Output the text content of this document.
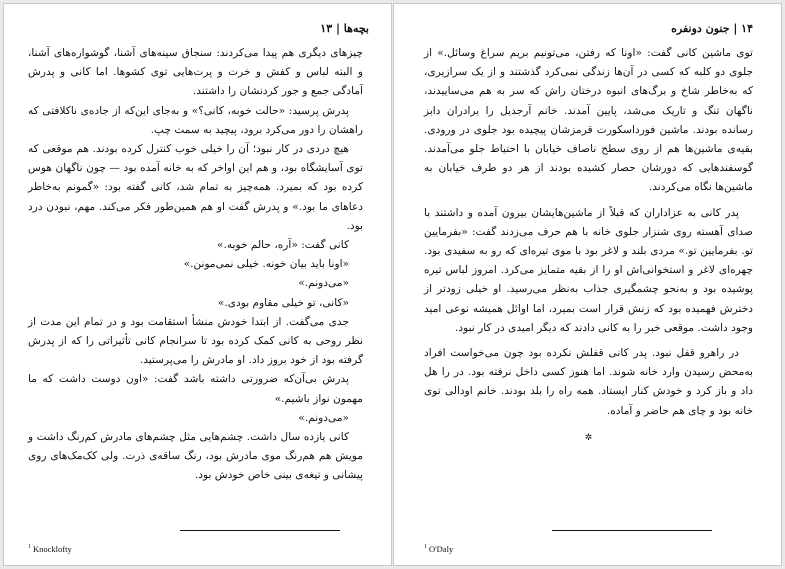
بچه‌ها | ۱۳

چیزهای دیگری هم پیدا می‌کردند: سنجاق سینه‌های آشنا، گوشواره‌های آشنا، و البته لباس و کفش و خرت و پرت‌هایی توی کشوها. اما کانی و پدرش آمادگی جمع و جور کردنشان را داشتند.

پدرش پرسید: «حالت خوبه، کانی؟» و به‌جای این‌که از جاده‌ی ناکلافتی که راهشان را دور می‌کرد برود، پیچید به سمت چپ.

هیچ دردی در کار نبود؛ آن را خیلی خوب کنترل کرده بودند. هم موقعی که توی آسایشگاه بود، و هم این اواخر که به خانه آمده بود — چون ناگهان هوس کرده بود که بمیرد. همه‌چیز به تمام شد، کانی گفته بود: «گمونم به‌خاطر دعاهای ما بود.» و پدرش گفت او هم همین‌طور فکر می‌کند. مهم، نبودن درد بود.

کانی گفت: «آره، حالم خوبه.»

«اونا باید بیان خونه. خیلی نمی‌مونن.»

«می‌دونم.»

«کانی، تو خیلی مقاوم بودی.»

جدی می‌گفت. از ابتدا خودش منشأ استقامت بود و در تمام این مدت از نظر روحی به کانی کمک کرده بود تا سرانجام کانی تأثیراتی را که از پدرش گرفته بود از خود بروز داد. او مادرش را می‌پرستید.

پدرش بی‌آن‌که ضرورتی داشته باشد گفت: «اون دوست داشت که ما مهمون نواز باشیم.»

«می‌دونم.»

کانی یازده سال داشت. چشم‌هایی مثل چشم‌های مادرش کم‌رنگ داشت و مویش هم هم‌رنگ موی مادرش بود، رنگ ساقه‌ی ذرت. ولی کک‌مک‌های روی پیشانی و تیغه‌ی بینی خاص خودش بود.

$^1$ Knocklofty
۱۴ | جنون دونفره

توی ماشین کانی گفت: «اونا که رفتن، می‌تونیم بریم سراغ وسائل.» از جلوی دو کلبه که کسی در آن‌ها زندگی نمی‌کرد گذشتند و از یک سرازیری، که به‌خاطر شاخ و برگ‌های انبوه درختان راش که سر به هم می‌ساییدند، ناگهان تنگ و تاریک می‌شد، پایین آمدند. خانم آرجدیل را برادران دابز رسانده بودند. ماشین فورداسکورت قرمزشان پیچیده بود جلوی در ورودی. بقیه‌ی ماشین‌ها هم از روی سطح ناصاف خیابان با احتیاط جلو می‌آمدند. گوسفندهایی که دورشان حصار کشیده بودند از هر دو طرف خیابان به ماشین‌ها نگاه می‌کردند.

پدر کانی به عزاداران که قبلاً از ماشین‌هایشان بیرون آمده و داشتند با صدای آهسته روی شنزار جلوی خانه با هم حرف می‌زدند گفت: «بفرمایین تو. بفرمایین تو.» مردی بلند و لاغر بود با موی تیره‌ای که رو به سفیدی بود. چهره‌ای لاغر و استخوانی‌اش او را از بقیه متمایز می‌کرد. امروز لباس تیره پوشیده بود و به‌نحو چشمگیری جذاب به‌نظر می‌رسید. او خیلی زودتر از دخترش فهمیده بود که زنش قرار است بمیرد، اما اوائل همیشه نوعی امید وجود داشت. موقعی خبر را به کانی دادند که دیگر امیدی در کار نبود.

در راهرو قفل نبود. پدر کانی قفلش نکرده بود چون می‌خواست افراد به‌محض رسیدن وارد خانه شوند. اما هنوز کسی داخل نرفته بود. در را هل داد و باز کرد و خودش کنار ایستاد. همه راه را بلد بودند. خانم اودالی توی خانه بود و چای هم حاضر و آماده.

✲
$^1$ O'Daly
